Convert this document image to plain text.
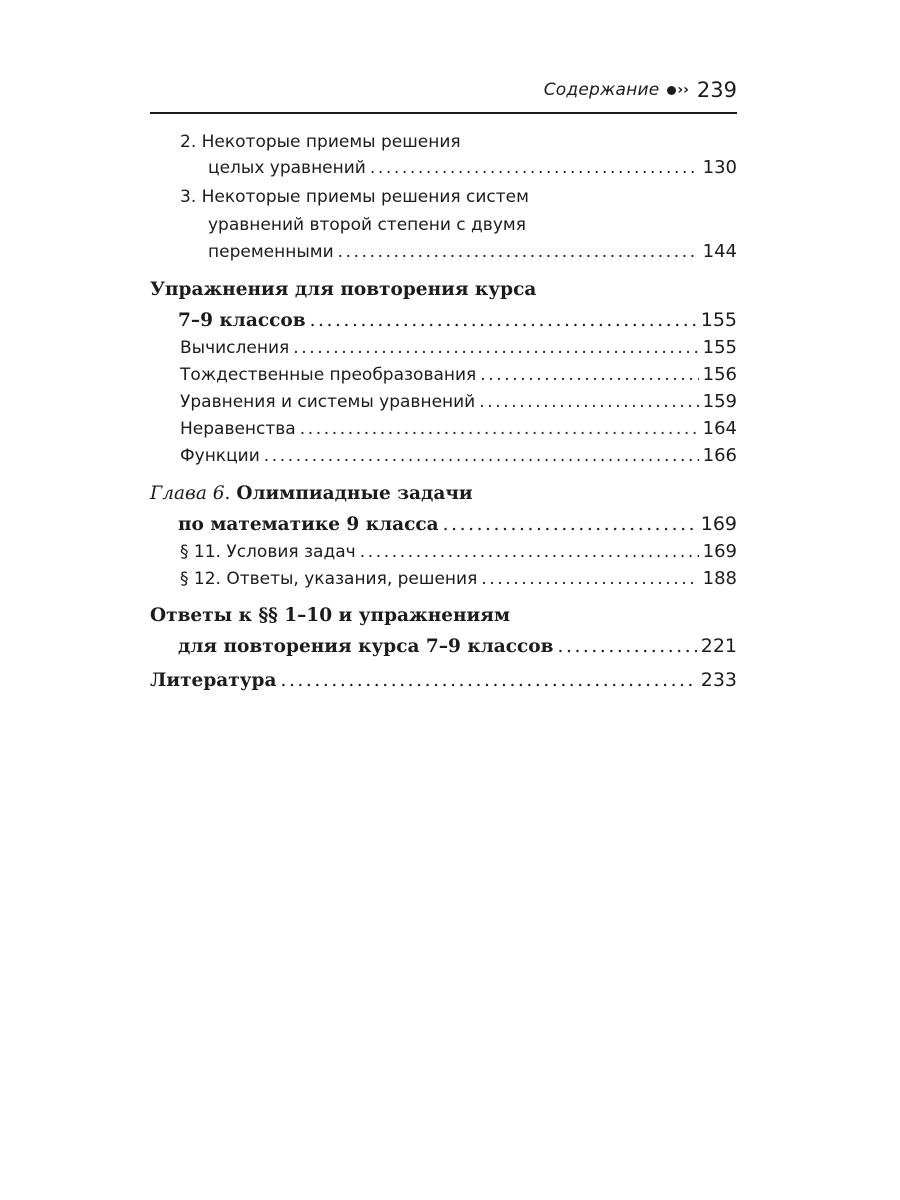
Содержание ›› 239
2. Некоторые приемы решения
целых уравнений .....	130
3. Некоторые приемы решения систем
уравнений второй степени с двумя
переменными .....	144
Упражнения для повторения курса
7–9 классов .....	155
Вычисления .....	155
Тождественные преобразования .....	156
Уравнения и системы уравнений .....	159
Неравенства .....	164
Функции .....	166
Глава 6. Олимпиадные задачи
по математике 9 класса .....	169
§ 11. Условия задач .....	169
§ 12. Ответы, указания, решения .....	188
Ответы к §§ 1–10 и упражнениям
для повторения курса 7–9 классов .....	221
Литература .....	233
